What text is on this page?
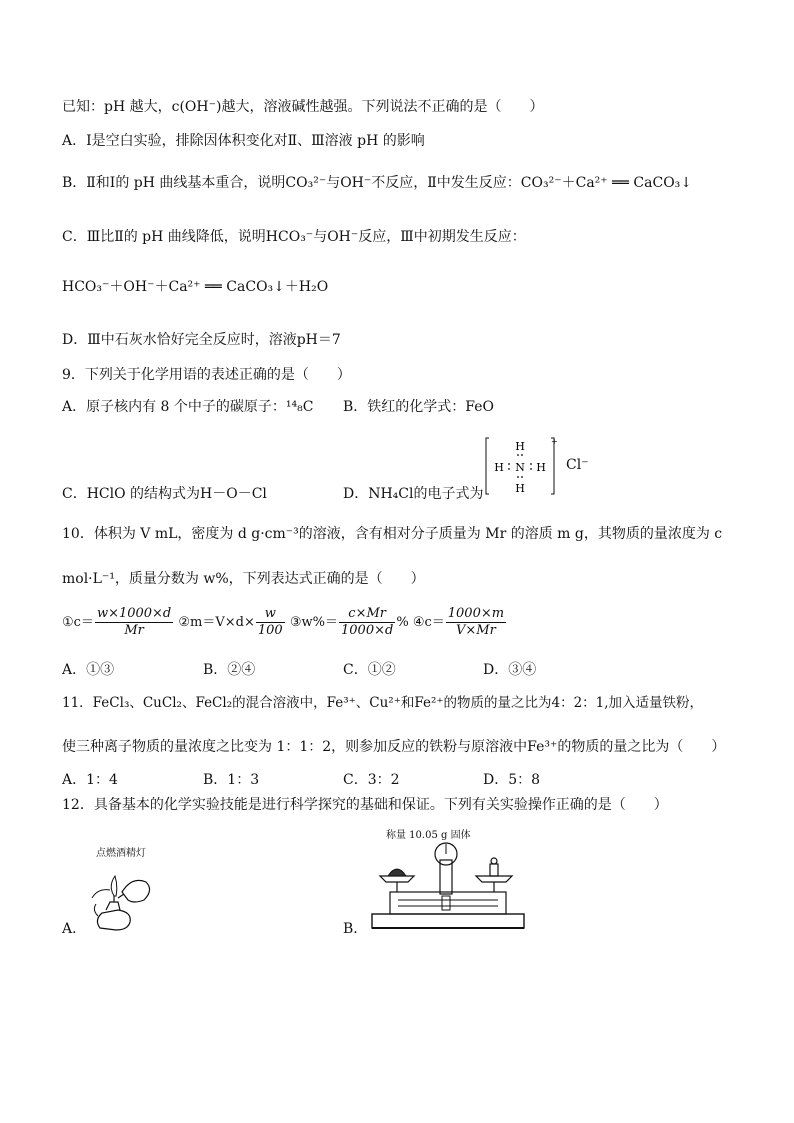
已知：pH 越大，c(OH⁻)越大，溶液碱性越强。下列说法不正确的是（　　）
A．Ⅰ是空白实验，排除因体积变化对Ⅱ、Ⅲ溶液 pH 的影响
B．Ⅱ和Ⅰ的 pH 曲线基本重合，说明CO₃²⁻与OH⁻不反应，Ⅱ中发生反应：CO₃²⁻＋Ca²⁺ ══ CaCO₃↓
C．Ⅲ比Ⅱ的 pH 曲线降低，说明HCO₃⁻与OH⁻反应，Ⅲ中初期发生反应：
HCO₃⁻＋OH⁻＋Ca²⁺ ══ CaCO₃↓＋H₂O
D．Ⅲ中石灰水恰好完全反应时，溶液pH＝7
9．下列关于化学用语的表述正确的是（　　）
A．原子核内有 8 个中子的碳原子：¹⁴₈C B．铁红的化学式：FeO
C．HClO 的结构式为H－O－Cl	D．NH₄Cl的电子式为
H
N
H
H	H
+
Cl⁻
10．体积为 V mL，密度为 d g·cm⁻³的溶液，含有相对分子质量为 Mr 的溶质 m g，其物质的量浓度为 c
mol·L⁻¹，质量分数为 w%，下列表达式正确的是（　　）
①c＝ $\frac{w\times 1000\times d}{Mr}$ ②m＝V×d× $\frac{w}{100}$ ③w%＝ $\frac{c\times Mr}{1000\times d}$ % ④c＝ $\frac{1000\times m}{V\times Mr}$
A．①③	B．②④	C．①②	D．③④
11．FeCl₃、CuCl₂、FeCl₂的混合溶液中，Fe³⁺、Cu²⁺和Fe²⁺的物质的量之比为4：2：1,加入适量铁粉，
使三种离子物质的量浓度之比变为 1：1：2，则参加反应的铁粉与原溶液中Fe³⁺的物质的量之比为（　　）
A．1：4	B．1：3	C．3：2	D．5：8
12．具备基本的化学实验技能是进行科学探究的基础和保证。下列有关实验操作正确的是（　　）
点燃酒精灯
A．
称量 10.05 g 固体
B．
